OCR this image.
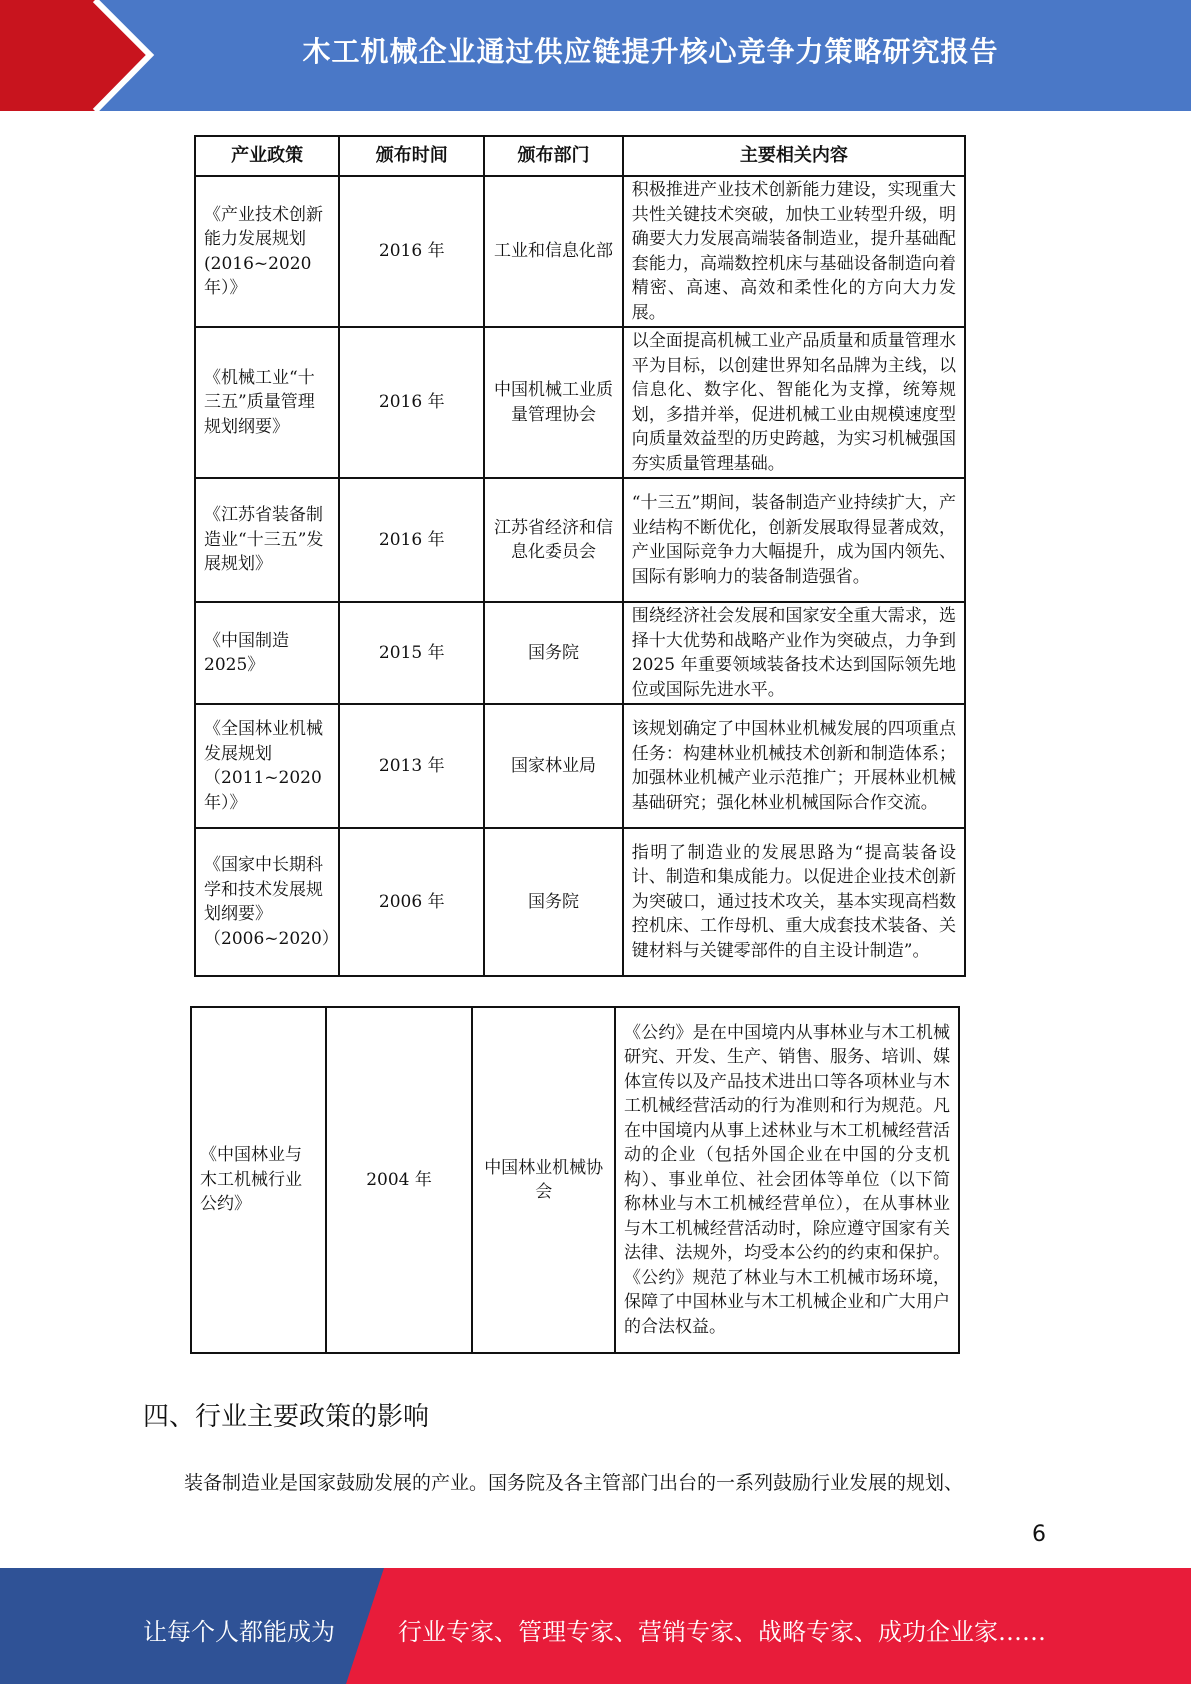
木工机械企业通过供应链提升核心竞争力策略研究报告
产业政策	颁布时间	颁布部门	主要相关内容
《产业技术创新能力发展规划(2016~2020年）》	2016 年	工业和信息化部	积极推进产业技术创新能力建设，实现重大共性关键技术突破，加快工业转型升级，明确要大力发展高端装备制造业，提升基础配套能力，高端数控机床与基础设备制造向着精密、高速、高效和柔性化的方向大力发展。
《机械工业“十三五”质量管理规划纲要》	2016 年	中国机械工业质量管理协会	以全面提高机械工业产品质量和质量管理水平为目标，以创建世界知名品牌为主线，以信息化、数字化、智能化为支撑，统筹规划，多措并举，促进机械工业由规模速度型向质量效益型的历史跨越，为实习机械强国夯实质量管理基础。
《江苏省装备制造业“十三五”发展规划》	2016 年	江苏省经济和信息化委员会	“十三五”期间，装备制造产业持续扩大，产业结构不断优化，创新发展取得显著成效，产业国际竞争力大幅提升，成为国内领先、国际有影响力的装备制造强省。
《中国制造2025》	2015 年	国务院	围绕经济社会发展和国家安全重大需求，选择十大优势和战略产业作为突破点，力争到 2025 年重要领域装备技术达到国际领先地位或国际先进水平。
《全国林业机械发展规划（2011~2020年）》	2013 年	国家林业局	该规划确定了中国林业机械发展的四项重点任务：构建林业机械技术创新和制造体系；加强林业机械产业示范推广；开展林业机械基础研究；强化林业机械国际合作交流。
《国家中长期科学和技术发展规划纲要》（2006~2020）	2006 年	国务院	指明了制造业的发展思路为“提高装备设计、制造和集成能力。以促进企业技术创新为突破口，通过技术攻关，基本实现高档数控机床、工作母机、重大成套技术装备、关键材料与关键零部件的自主设计制造”。
《中国林业与木工机械行业公约》	2004 年	中国林业机械协会	《公约》是在中国境内从事林业与木工机械研究、开发、生产、销售、服务、培训、媒体宣传以及产品技术进出口等各项林业与木工机械经营活动的行为准则和行为规范。凡在中国境内从事上述林业与木工机械经营活动的企业（包括外国企业在中国的分支机构）、事业单位、社会团体等单位（以下简称林业与木工机械经营单位），在从事林业与木工机械经营活动时，除应遵守国家有关法律、法规外，均受本公约的约束和保护。《公约》规范了林业与木工机械市场环境，保障了中国林业与木工机械企业和广大用户的合法权益。
四、行业主要政策的影响
装备制造业是国家鼓励发展的产业。国务院及各主管部门出台的一系列鼓励行业发展的规划、
6
让每个人都能成为	行业专家、管理专家、营销专家、战略专家、成功企业家……
